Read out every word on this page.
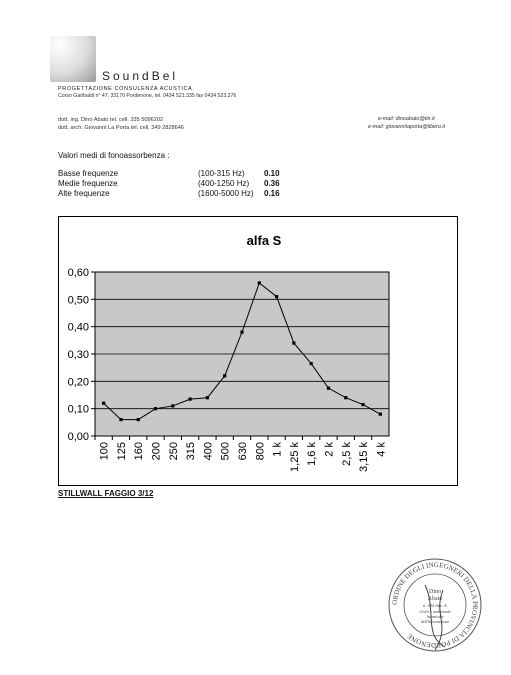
SoundBel
PROGETTAZIONE CONSULENZA ACUSTICA
Corso Garibaldi n° 47, 33170 Pordenone, tel. 0434 521.335 fax 0434 523.276
dott. ing. Dino Abato tel. cell. 335 5096202
dott. arch. Giovanni La Porta tel. cell. 349 2828646
e-mail: dinoabato@tin.it
e-mail: giovannilaporta@libero.it
Valori medi di fonoassorbenza :
Basse frequenze	(100-315 Hz) 0.10
Medie frequenze	(400-1250 Hz) 0.36
Alte frequenze	(1600-5000 Hz) 0.16
alfa S
0,00
0,10
0,20
0,30
0,40
0,50
0,60
100 125 160 200 250 315 400 500 630 800 1 k 1,25 k 1,6 k 2 k 2,5 k 3,15 k 4 k
STILLWALL FAGGIO 3/12
ORDINE DEGLI INGEGNERI DELLA PROVINCIA DI PORDENONE
Dino
Abato
n. 404 Sez. A
Civile e ambientale
Industriale
dell'Informazione
